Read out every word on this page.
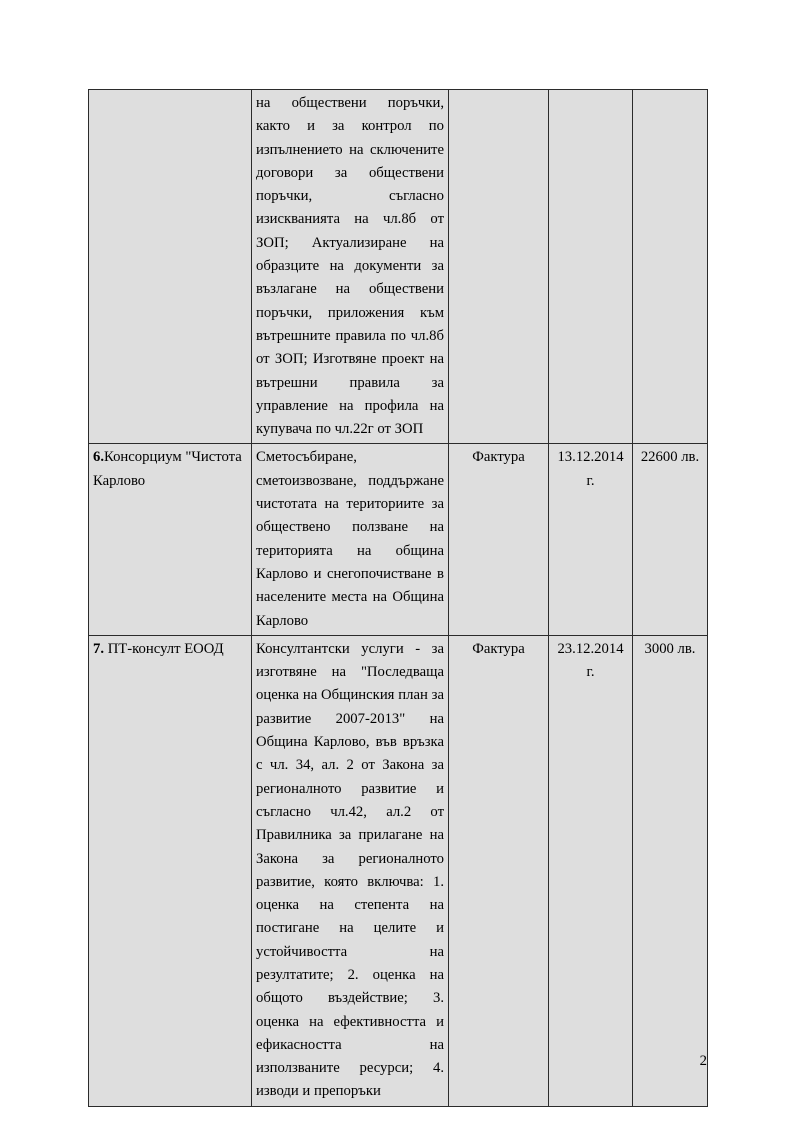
	на обществени поръчки, както и за контрол по изпълнението на сключените договори за обществени поръчки, съгласно изискванията на чл.8б от ЗОП; Актуализиране на образците на документи за възлагане на обществени поръчки, приложения към вътрешните правила по чл.8б от ЗОП; Изготвяне проект на вътрешни правила за управление на профила на купувача по чл.22г от ЗОП			
6.Консорциум "Чистота Карлово	Сметосъбиране, сметоизвозване, поддържане чистотата на териториите за обществено ползване на територията на община Карлово и снегопочистване в населените места на Община Карлово	Фактура	13.12.2014 г.	22600 лв.
7. ПТ-консулт ЕООД	Консултантски услуги - за изготвяне на "Последваща оценка на Общинския план за развитие 2007-2013" на Община Карлово, във връзка с чл. 34, ал. 2 от Закона за регионалното развитие и съгласно чл.42, ал.2 от Правилника за прилагане на Закона за регионалното развитие, която включва: 1. оценка на степента на постигане на целите и устойчивостта на резултатите; 2. оценка на общото въздействие; 3. оценка на ефективността и ефикасността на използваните ресурси; 4. изводи и препоръки	Фактура	23.12.2014 г.	3000 лв.
2
